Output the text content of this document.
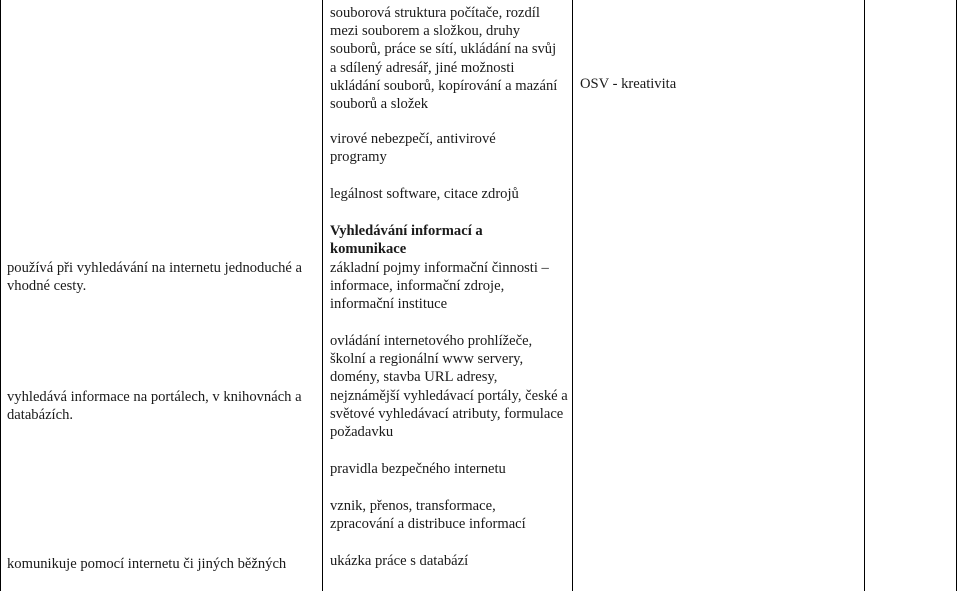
používá při vyhledávání na internetu jednoduché a vhodné cesty.

vyhledává informace na portálech, v knihovnách a databázích.

komunikuje pomocí internetu či jiných běžných

souborová struktura počítače, rozdíl mezi souborem a složkou, druhy souborů, práce se sítí, ukládání na svůj a sdílený adresář, jiné možnosti ukládání souborů, kopírování a mazání souborů a složek

virové nebezpečí, antivirové programy

legálnost software, citace zdrojů

Vyhledávání informací a komunikace

základní pojmy informační činnosti – informace, informační zdroje, informační instituce

ovládání internetového prohlížeče, školní a regionální www servery, domény, stavba URL adresy, nejznámější vyhledávací portály, české a světové vyhledávací atributy, formulace požadavku

pravidla bezpečného internetu

vznik, přenos, transformace, zpracování a distribuce informací

ukázka práce s databází

OSV - kreativita
